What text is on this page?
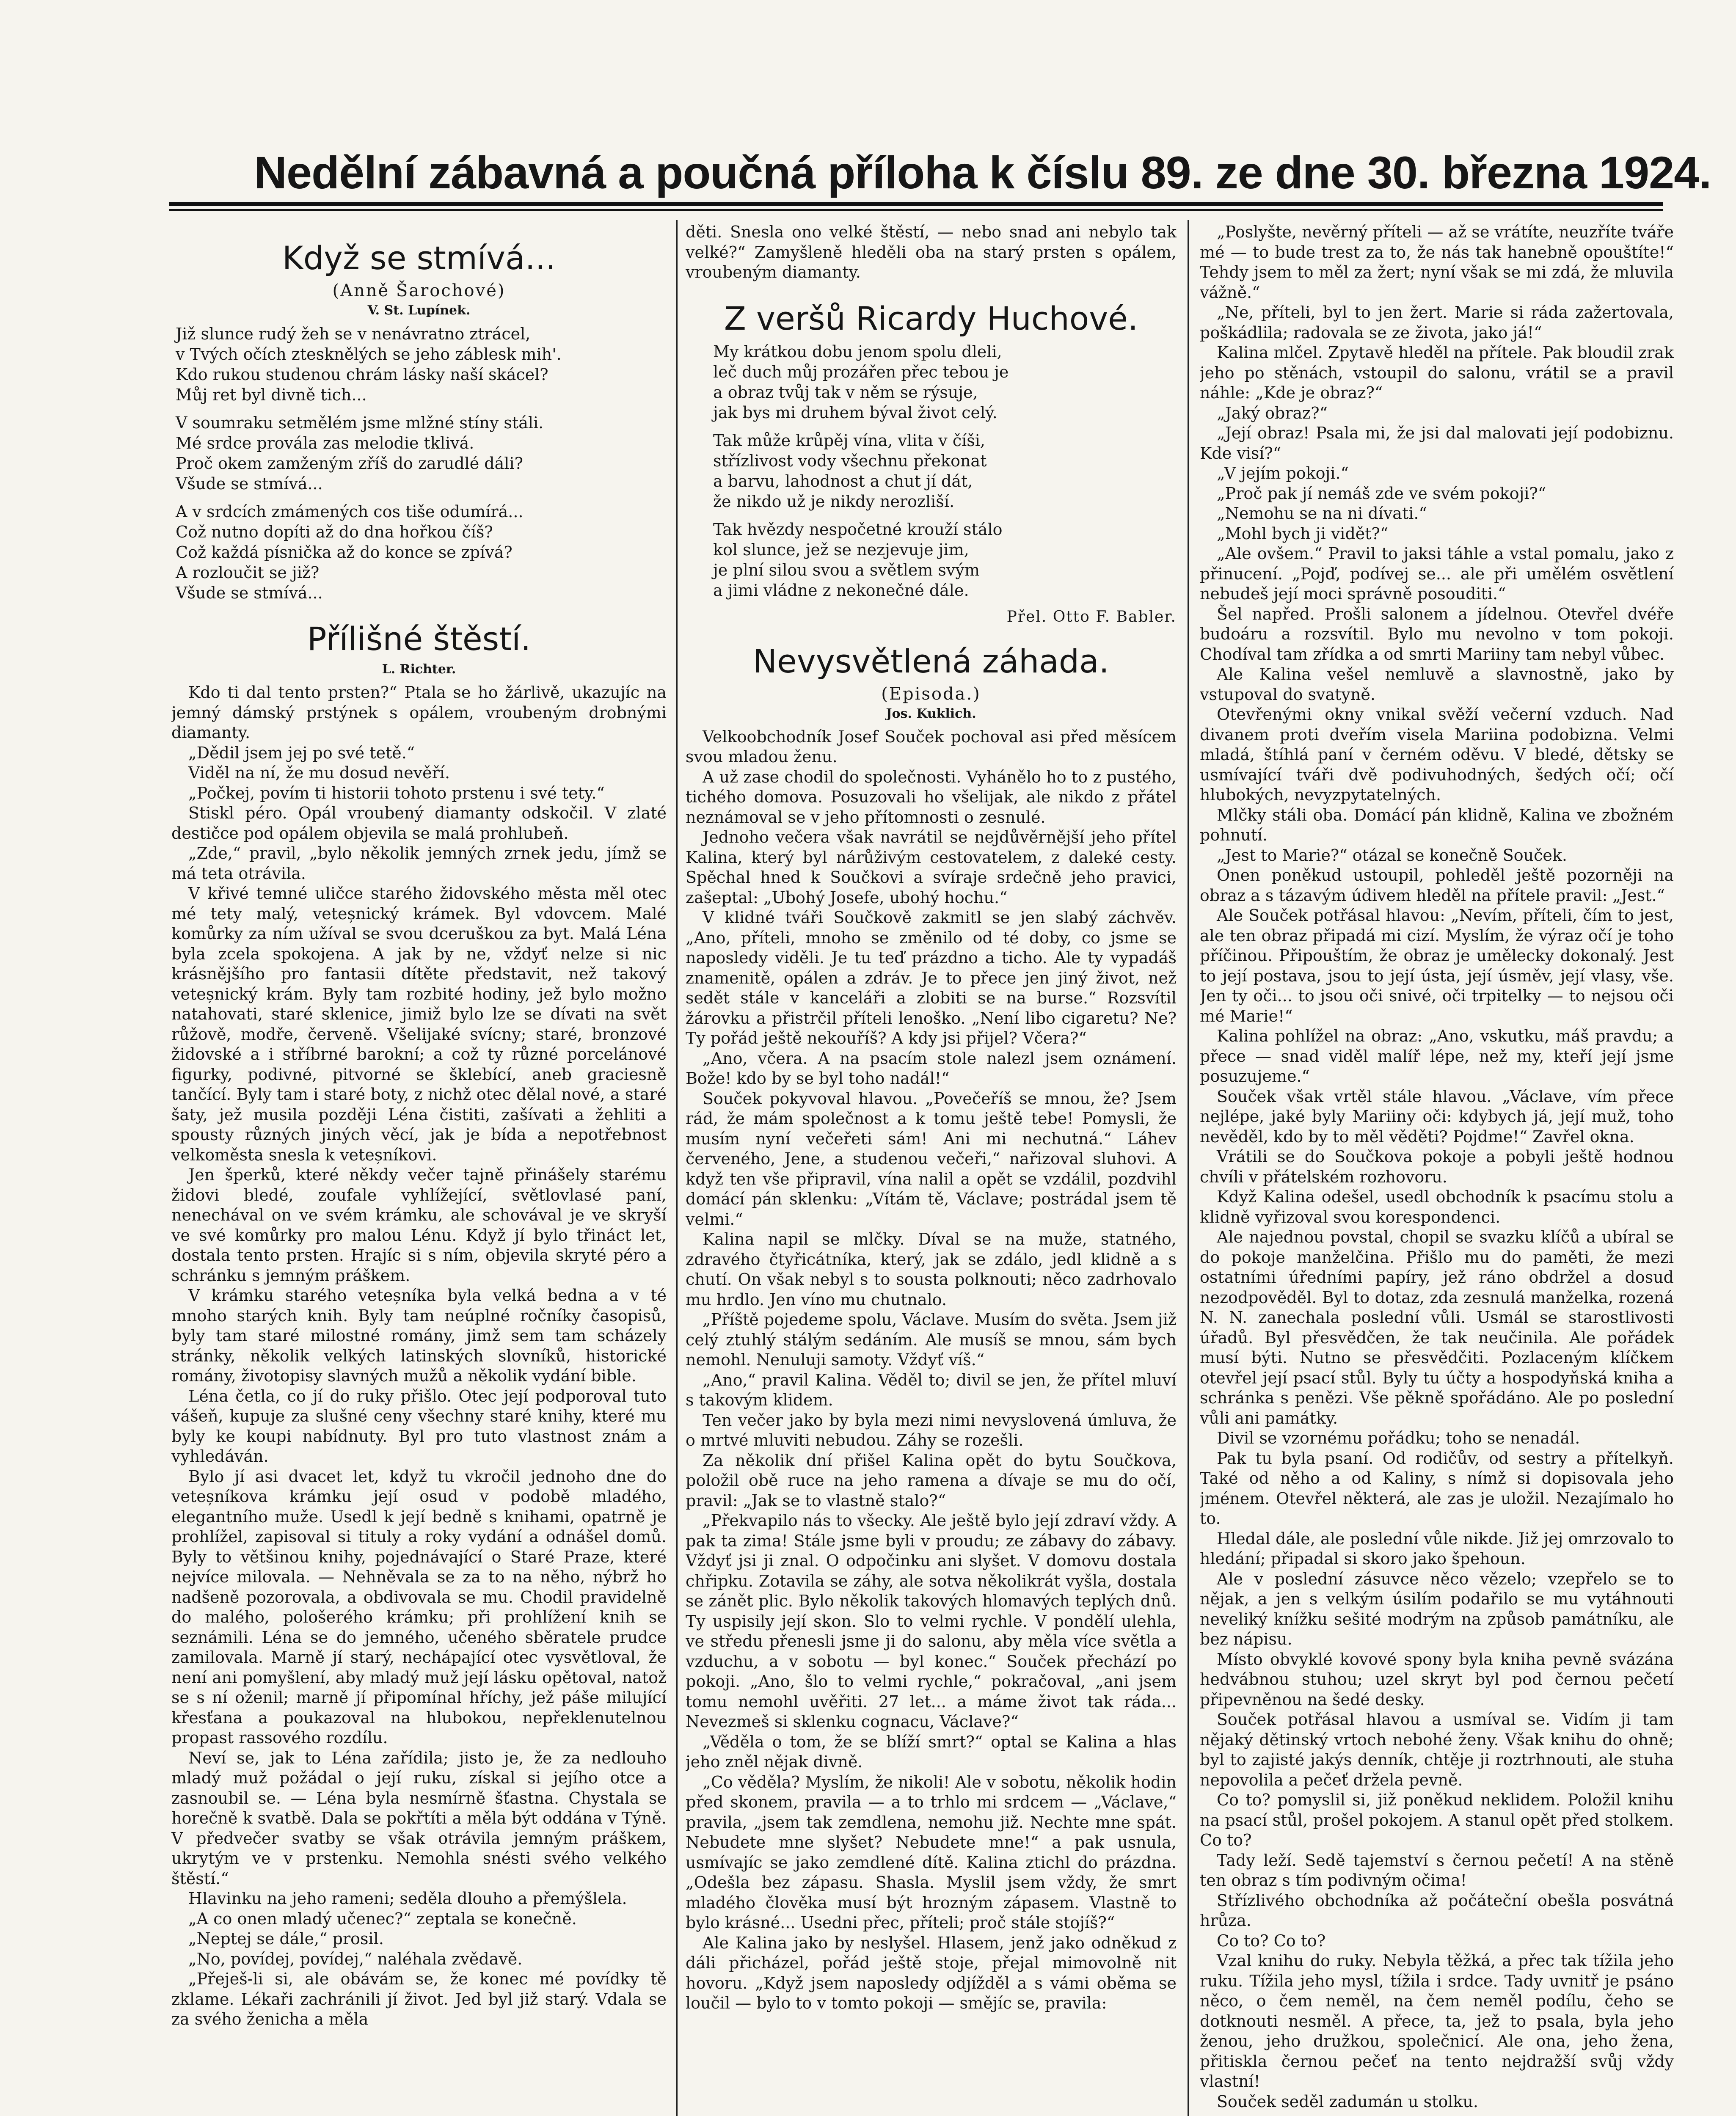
Nedělní zábavná a poučná příloha k číslu 89. ze dne 30. března 1924.
Když se stmívá...
(Anně Šarochové)
V. St. Lupínek.

Již slunce rudý žeh se v nenávratno ztrácel,

v Tvých očích ztesknělých se jeho záblesk mih'.

Kdo rukou studenou chrám lásky naší skácel?

Můj ret byl divně tich...

V soumraku setmělém jsme mlžné stíny stáli.

Mé srdce provála zas melodie tklivá.

Proč okem zamženým zříš do zarudlé dáli?

Všude se stmívá...

A v srdcích zmámených cos tiše odumírá...

Což nutno dopíti až do dna hořkou číš?

Což každá písnička až do konce se zpívá?

A rozloučit se již?

Všude se stmívá...

Přílišné štěstí.
L. Richter.

Kdo ti dal tento prsten?“ Ptala se ho žárlivě, ukazujíc na jemný dámský prstýnek s opálem, vroubeným drobnými diamanty.

„Dědil jsem jej po své tetě.“

Viděl na ní, že mu dosud nevěří.

„Počkej, povím ti historii tohoto prstenu i své tety.“

Stiskl péro. Opál vroubený diamanty odskočil. V zlaté destičce pod opálem objevila se malá prohlubeň.

„Zde,“ pravil, „bylo několik jemných zrnek jedu, jímž se má teta otrávila.

V křivé temné uličce starého židovského města měl otec mé tety malý, veteșnický krámek. Byl vdovcem. Malé komůrky za ním užíval se svou dceruškou za byt. Malá Léna byla zcela spokojena. A jak by ne, vždyť nelze si nic krásnějšího pro fantasii dítěte představit, než takový veteșnický krám. Byly tam rozbité hodiny, jež bylo možno natahovati, staré sklenice, jimiž bylo lze se dívati na svět růžově, modře, červeně. Všelijaké svícny; staré, bronzové židovské a i stříbrné barokní; a což ty různé porcelánové figurky, podivné, pitvorné se šklebící, aneb graciesně tančící. Byly tam i staré boty, z nichž otec dělal nové, a staré šaty, jež musila později Léna čistiti, zašívati a žehliti a spousty různých jiných věcí, jak je bída a nepotřebnost velkoměsta snesla k veteșníkovi.

Jen šperků, které někdy večer tajně přinášely starému židovi bledé, zoufale vyhlížející, světlovlasé paní, nenechával on ve svém krámku, ale schovával je ve skryší ve své komůrky pro malou Lénu. Když jí bylo třináct let, dostala tento prsten. Hrajíc si s ním, objevila skryté péro a schránku s jemným práškem.

V krámku starého veteșníka byla velká bedna a v té mnoho starých knih. Byly tam neúplné ročníky časopisů, byly tam staré milostné romány, jimž sem tam scházely stránky, několik velkých latinských slovníků, historické romány, životopisy slavných mužů a několik vydání bible.

Léna četla, co jí do ruky přišlo. Otec její podporoval tuto vášeň, kupuje za slušné ceny všechny staré knihy, které mu byly ke koupi nabídnuty. Byl pro tuto vlastnost znám a vyhledáván.

Bylo jí asi dvacet let, když tu vkročil jednoho dne do veteșníkova krámku její osud v podobě mladého, elegantního muže. Usedl k její bedně s knihami, opatrně je prohlížel, zapisoval si tituly a roky vydání a odnášel domů. Byly to většinou knihy, pojednávající o Staré Praze, které nejvíce milovala. — Nehněvala se za to na něho, nýbrž ho nadšeně pozorovala, a obdivovala se mu. Chodil pravidelně do malého, pološerého krámku; při prohlížení knih se seznámili. Léna se do jemného, učeného sběratele prudce zamilovala. Marně jí starý, nechápající otec vysvětloval, že není ani pomyšlení, aby mladý muž její lásku opětoval, natož se s ní oženil; marně jí připomínal hříchy, jež páše milující křesťana a poukazoval na hlubokou, nepřeklenutelnou propast rassového rozdílu.

Neví se, jak to Léna zařídila; jisto je, že za nedlouho mladý muž požádal o její ruku, získal si jejího otce a zasnoubil se. — Léna byla nesmírně šťastna. Chystala se horečně k svatbě. Dala se pokřtíti a měla být oddána v Týně. V předvečer svatby se však otrávila jemným práškem, ukrytým ve v prstenku. Nemohla snésti svého velkého štěstí.“

Hlavinku na jeho rameni; seděla dlouho a přemýšlela.

„A co onen mladý učenec?“ zeptala se konečně.

„Neptej se dále,“ prosil.

„No, povídej, povídej,“ naléhala zvědavě.

„Přeješ-li si, ale obávám se, že konec mé povídky tě zklame. Lékaři zachránili jí život. Jed byl již starý. Vdala se za svého ženicha a měla

děti. Snesla ono velké štěstí, — nebo snad ani nebylo tak velké?“ Zamyšleně hleděli oba na starý prsten s opálem, vroubeným diamanty.

Z veršů Ricardy Huchové.

My krátkou dobu jenom spolu dleli,

leč duch můj prozářen přec tebou je

a obraz tvůj tak v něm se rýsuje,

jak bys mi druhem býval život celý.

Tak může krůpěj vína, vlita v číši,

střízlivost vody všechnu překonat

a barvu, lahodnost a chut jí dát,

že nikdo už je nikdy nerozliší.

Tak hvězdy nespočetné krouží stálo

kol slunce, jež se nezjevuje jim,

je plní silou svou a světlem svým

a jimi vládne z nekonečné dále.

Přel. Otto F. Babler.
Nevysvětlená záhada.
(Episoda.)
Jos. Kuklich.

Velkoobchodník Josef Souček pochoval asi před měsícem svou mladou ženu.

A už zase chodil do společnosti. Vyhánělo ho to z pustého, tichého domova. Posuzovali ho všelijak, ale nikdo z přátel neznámoval se v jeho přítomnosti o zesnulé.

Jednoho večera však navrátil se nejdůvěrnější jeho přítel Kalina, který byl nárůživým cestovatelem, z daleké cesty. Spěchal hned k Součkovi a svíraje srdečně jeho pravici, zašeptal: „Ubohý Josefe, ubohý hochu.“

V klidné tváři Součkově zakmitl se jen slabý záchvěv. „Ano, příteli, mnoho se změnilo od té doby, co jsme se naposledy viděli. Je tu teď prázdno a ticho. Ale ty vypadáš znamenitě, opálen a zdráv. Je to přece jen jiný život, než sedět stále v kanceláři a zlobiti se na burse.“ Rozsvítil žárovku a přistrčil příteli lenoško. „Není libo cigaretu? Ne? Ty pořád ještě nekouříš? A kdy jsi přijel? Včera?“

„Ano, včera. A na psacím stole nalezl jsem oznámení. Bože! kdo by se byl toho nadál!“

Souček pokyvoval hlavou. „Povečeříš se mnou, že? Jsem rád, že mám společnost a k tomu ještě tebe! Pomysli, že musím nyní večeřeti sám! Ani mi nechutná.“ Láhev červeného, Jene, a studenou večeři,“ nařizoval sluhovi. A když ten vše připravil, vína nalil a opět se vzdálil, pozdvihl domácí pán sklenku: „Vítám tě, Václave; postrádal jsem tě velmi.“

Kalina napil se mlčky. Díval se na muže, statného, zdravého čtyřicátníka, který, jak se zdálo, jedl klidně a s chutí. On však nebyl s to sousta polknouti; něco zadrhovalo mu hrdlo. Jen víno mu chutnalo.

„Příště pojedeme spolu, Václave. Musím do světa. Jsem již celý ztuhlý stálým sedáním. Ale musíš se mnou, sám bych nemohl. Nenuluji samoty. Vždyť víš.“

„Ano,“ pravil Kalina. Věděl to; divil se jen, že přítel mluví s takovým klidem.

Ten večer jako by byla mezi nimi nevyslovená úmluva, že o mrtvé mluviti nebudou. Záhy se rozešli.

Za několik dní přišel Kalina opět do bytu Součkova, položil obě ruce na jeho ramena a dívaje se mu do očí, pravil: „Jak se to vlastně stalo?“

„Překvapilo nás to všecky. Ale ještě bylo její zdraví vždy. A pak ta zima! Stále jsme byli v proudu; ze zábavy do zábavy. Vždyť jsi ji znal. O odpočinku ani slyšet. V domovu dostala chřipku. Zotavila se záhy, ale sotva několikrát vyšla, dostala se zánět plic. Bylo několik takových hlomavých teplých dnů. Ty uspisily její skon. Slo to velmi rychle. V pondělí ulehla, ve středu přenesli jsme ji do salonu, aby měla více světla a vzduchu, a v sobotu — byl konec.“ Souček přechází po pokoji. „Ano, šlo to velmi rychle,“ pokračoval, „ani jsem tomu nemohl uvěřiti. 27 let... a máme život tak ráda... Nevezmeš si sklenku cognacu, Václave?“

„Věděla o tom, že se blíží smrt?“ optal se Kalina a hlas jeho zněl nějak divně.

„Co věděla? Myslím, že nikoli! Ale v sobotu, několik hodin před skonem, pravila — a to trhlo mi srdcem — „Václave,“ pravila, „jsem tak zemdlena, nemohu již. Nechte mne spát. Nebudete mne slyšet? Nebudete mne!“ a pak usnula, usmívajíc se jako zemdlené dítě. Kalina ztichl do prázdna. „Odešla bez zápasu. Shasla. Myslil jsem vždy, že smrt mladého člověka musí být hrozným zápasem. Vlastně to bylo krásné... Usedni přec, příteli; proč stále stojíš?“

Ale Kalina jako by neslyšel. Hlasem, jenž jako odněkud z dáli přicházel, pořád ještě stoje, přejal mimovolně nit hovoru. „Když jsem naposledy odjížděl a s vámi oběma se loučil — bylo to v tomto pokoji — smějíc se, pravila:

„Poslyšte, nevěrný příteli — až se vrátíte, neuzříte tváře mé — to bude trest za to, že nás tak hanebně opouštíte!“ Tehdy jsem to měl za žert; nyní však se mi zdá, že mluvila vážně.“

„Ne, příteli, byl to jen žert. Marie si ráda zažertovala, poškádlila; radovala se ze života, jako já!“

Kalina mlčel. Zpytavě hleděl na přítele. Pak bloudil zrak jeho po stěnách, vstoupil do salonu, vrátil se a pravil náhle: „Kde je obraz?“

„Jaký obraz?“

„Její obraz! Psala mi, že jsi dal malovati její podobiznu. Kde visí?“

„V jejím pokoji.“

„Proč pak jí nemáš zde ve svém pokoji?“

„Nemohu se na ni dívati.“

„Mohl bych ji vidět?“

„Ale ovšem.“ Pravil to jaksi táhle a vstal pomalu, jako z přinucení. „Pojď, podívej se... ale při umělém osvětlení nebudeš její moci správně posouditi.“

Šel napřed. Prošli salonem a jídelnou. Otevřel dvéře budoáru a rozsvítil. Bylo mu nevolno v tom pokoji. Chodíval tam zřídka a od smrti Mariiny tam nebyl vůbec.

Ale Kalina vešel nemluvě a slavnostně, jako by vstupoval do svatyně.

Otevřenými okny vnikal svěží večerní vzduch. Nad divanem proti dveřím visela Mariina podobizna. Velmi mladá, štíhlá paní v černém oděvu. V bledé, dětsky se usmívající tváři dvě podivuhodných, šedých očí; očí hlubokých, nevyzpytatelných.

Mlčky stáli oba. Domácí pán klidně, Kalina ve zbožném pohnutí.

„Jest to Marie?“ otázal se konečně Souček.

Onen poněkud ustoupil, pohleděl ještě pozorněji na obraz a s tázavým údivem hleděl na přítele pravil: „Jest.“

Ale Souček potřásal hlavou: „Nevím, příteli, čím to jest, ale ten obraz připadá mi cizí. Myslím, že výraz očí je toho příčinou. Připouštím, že obraz je umělecky dokonalý. Jest to její postava, jsou to její ústa, její úsměv, její vlasy, vše. Jen ty oči... to jsou oči snivé, oči trpitelky — to nejsou oči mé Marie!“

Kalina pohlížel na obraz: „Ano, vskutku, máš pravdu; a přece — snad viděl malíř lépe, než my, kteří její jsme posuzujeme.“

Souček však vrtěl stále hlavou. „Václave, vím přece nejlépe, jaké byly Mariiny oči: kdybych já, její muž, toho nevěděl, kdo by to měl věděti? Pojdme!“ Zavřel okna.

Vrátili se do Součkova pokoje a pobyli ještě hodnou chvíli v přátelském rozhovoru.

Když Kalina odešel, usedl obchodník k psacímu stolu a klidně vyřizoval svou korespondenci.

Ale najednou povstal, chopil se svazku klíčů a ubíral se do pokoje manželčina. Přišlo mu do paměti, že mezi ostatními úředními papíry, jež ráno obdržel a dosud nezodpověděl. Byl to dotaz, zda zesnulá manželka, rozená N. N. zanechala poslední vůli. Usmál se starostlivosti úřadů. Byl přesvědčen, že tak neučinila. Ale pořádek musí býti. Nutno se přesvědčiti. Pozlaceným klíčkem otevřel její psací stůl. Byly tu účty a hospodyňská kniha a schránka s penězi. Vše pěkně spořádáno. Ale po poslední vůli ani památky.

Divil se vzornému pořádku; toho se nenadál.

Pak tu byla psaní. Od rodičův, od sestry a přítelkyň. Také od něho a od Kaliny, s nímž si dopisovala jeho jménem. Otevřel některá, ale zas je uložil. Nezajímalo ho to.

Hledal dále, ale poslední vůle nikde. Již jej omrzovalo to hledání; připadal si skoro jako špehoun.

Ale v poslední zásuvce něco vězelo; vzepřelo se to nějak, a jen s velkým úsilím podařilo se mu vytáhnouti neveliký knížku sešité modrým na způsob památníku, ale bez nápisu.

Místo obvyklé kovové spony byla kniha pevně svázána hedvábnou stuhou; uzel skryt byl pod černou pečetí připevněnou na šedé desky.

Souček potřásal hlavou a usmíval se. Vidím ji tam nějaký dětinský vrtoch nebohé ženy. Však knihu do ohně; byl to zajisté jakýs denník, chtěje ji roztrhnouti, ale stuha nepovolila a pečeť držela pevně.

Co to? pomyslil si, již poněkud neklidem. Položil knihu na psací stůl, prošel pokojem. A stanul opět před stolkem. Co to?

Tady leží. Sedě tajemství s černou pečetí! A na stěně ten obraz s tím podivným očima!

Střízlivého obchodníka až počáteční obešla posvátná hrůza.

Co to? Co to?

Vzal knihu do ruky. Nebyla těžká, a přec tak tížila jeho ruku. Tížila jeho mysl, tížila i srdce. Tady uvnitř je psáno něco, o čem neměl, na čem neměl podílu, čeho se dotknouti nesměl. A přece, ta, jež to psala, byla jeho ženou, jeho družkou, společnicí. Ale ona, jeho žena, přitiskla černou pečeť na tento nejdražší svůj vždy vlastní!

Souček seděl zadumán u stolku.
